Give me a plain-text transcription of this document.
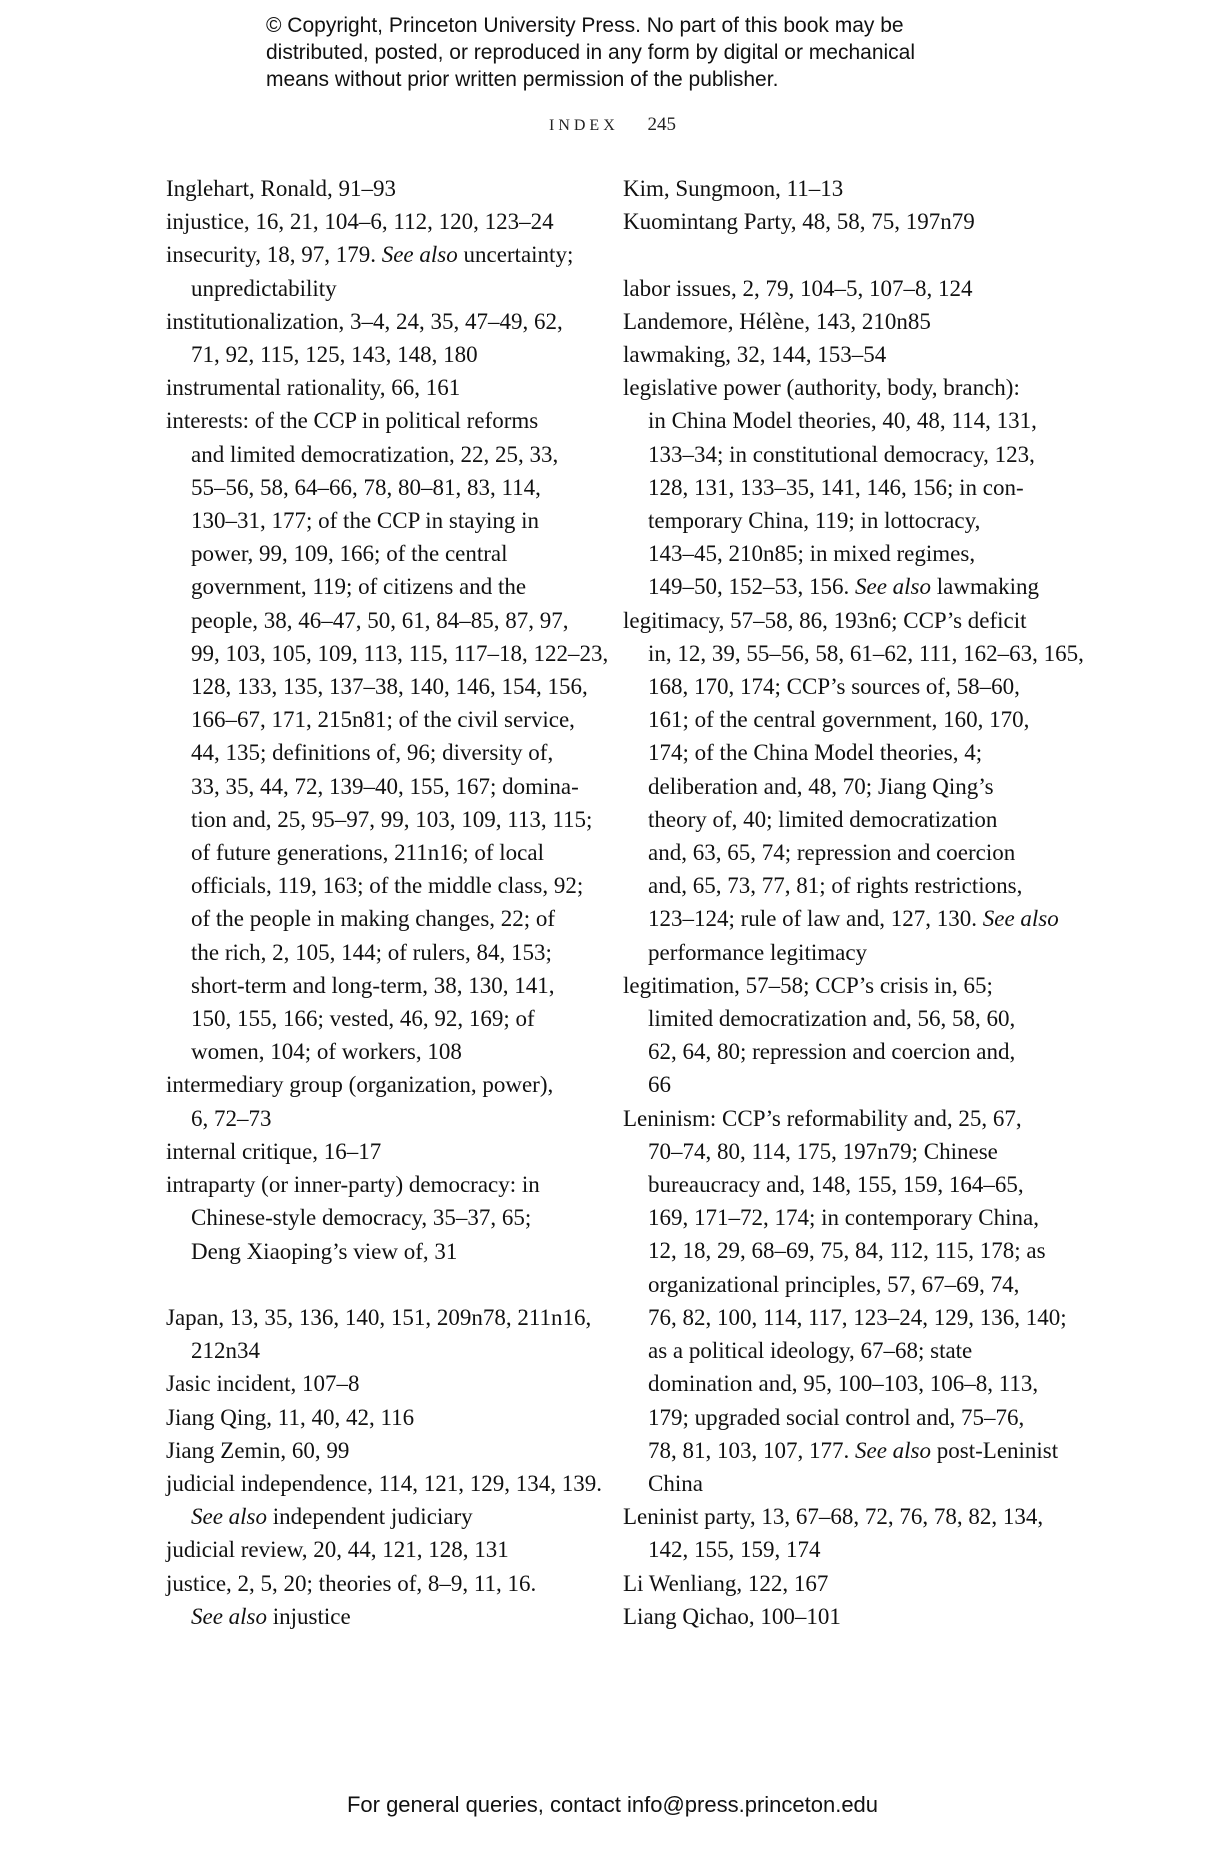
© Copyright, Princeton University Press. No part of this book may be
distributed, posted, or reproduced in any form by digital or mechanical
means without prior written permission of the publisher.
INDEX 245
Inglehart, Ronald, 91–93
injustice, 16, 21, 104–6, 112, 120, 123–24
insecurity, 18, 97, 179. See also uncertainty;
unpredictability
institutionalization, 3–4, 24, 35, 47–49, 62,
71, 92, 115, 125, 143, 148, 180
instrumental rationality, 66, 161
interests: of the CCP in political reforms
and limited democratization, 22, 25, 33,
55–56, 58, 64–66, 78, 80–81, 83, 114,
130–31, 177; of the CCP in staying in
power, 99, 109, 166; of the central
government, 119; of citizens and the
people, 38, 46–47, 50, 61, 84–85, 87, 97,
99, 103, 105, 109, 113, 115, 117–18, 122–23,
128, 133, 135, 137–38, 140, 146, 154, 156,
166–67, 171, 215n81; of the civil service,
44, 135; definitions of, 96; diversity of,
33, 35, 44, 72, 139–40, 155, 167; domina-
tion and, 25, 95–97, 99, 103, 109, 113, 115;
of future generations, 211n16; of local
officials, 119, 163; of the middle class, 92;
of the people in making changes, 22; of
the rich, 2, 105, 144; of rulers, 84, 153;
short-term and long-term, 38, 130, 141,
150, 155, 166; vested, 46, 92, 169; of
women, 104; of workers, 108
intermediary group (organization, power),
6, 72–73
internal critique, 16–17
intraparty (or inner-party) democracy: in
Chinese-style democracy, 35–37, 65;
Deng Xiaoping’s view of, 31
Japan, 13, 35, 136, 140, 151, 209n78, 211n16,
212n34
Jasic incident, 107–8
Jiang Qing, 11, 40, 42, 116
Jiang Zemin, 60, 99
judicial independence, 114, 121, 129, 134, 139.
See also independent judiciary
judicial review, 20, 44, 121, 128, 131
justice, 2, 5, 20; theories of, 8–9, 11, 16.
See also injustice
Kim, Sungmoon, 11–13
Kuomintang Party, 48, 58, 75, 197n79
labor issues, 2, 79, 104–5, 107–8, 124
Landemore, Hélène, 143, 210n85
lawmaking, 32, 144, 153–54
legislative power (authority, body, branch):
in China Model theories, 40, 48, 114, 131,
133–34; in constitutional democracy, 123,
128, 131, 133–35, 141, 146, 156; in con-
temporary China, 119; in lottocracy,
143–45, 210n85; in mixed regimes,
149–50, 152–53, 156. See also lawmaking
legitimacy, 57–58, 86, 193n6; CCP’s deficit
in, 12, 39, 55–56, 58, 61–62, 111, 162–63, 165,
168, 170, 174; CCP’s sources of, 58–60,
161; of the central government, 160, 170,
174; of the China Model theories, 4;
deliberation and, 48, 70; Jiang Qing’s
theory of, 40; limited democratization
and, 63, 65, 74; repression and coercion
and, 65, 73, 77, 81; of rights restrictions,
123–124; rule of law and, 127, 130. See also
performance legitimacy
legitimation, 57–58; CCP’s crisis in, 65;
limited democratization and, 56, 58, 60,
62, 64, 80; repression and coercion and,
66
Leninism: CCP’s reformability and, 25, 67,
70–74, 80, 114, 175, 197n79; Chinese
bureaucracy and, 148, 155, 159, 164–65,
169, 171–72, 174; in contemporary China,
12, 18, 29, 68–69, 75, 84, 112, 115, 178; as
organizational principles, 57, 67–69, 74,
76, 82, 100, 114, 117, 123–24, 129, 136, 140;
as a political ideology, 67–68; state
domination and, 95, 100–103, 106–8, 113,
179; upgraded social control and, 75–76,
78, 81, 103, 107, 177. See also post-Leninist
China
Leninist party, 13, 67–68, 72, 76, 78, 82, 134,
142, 155, 159, 174
Li Wenliang, 122, 167
Liang Qichao, 100–101
For general queries, contact info@press.princeton.edu
